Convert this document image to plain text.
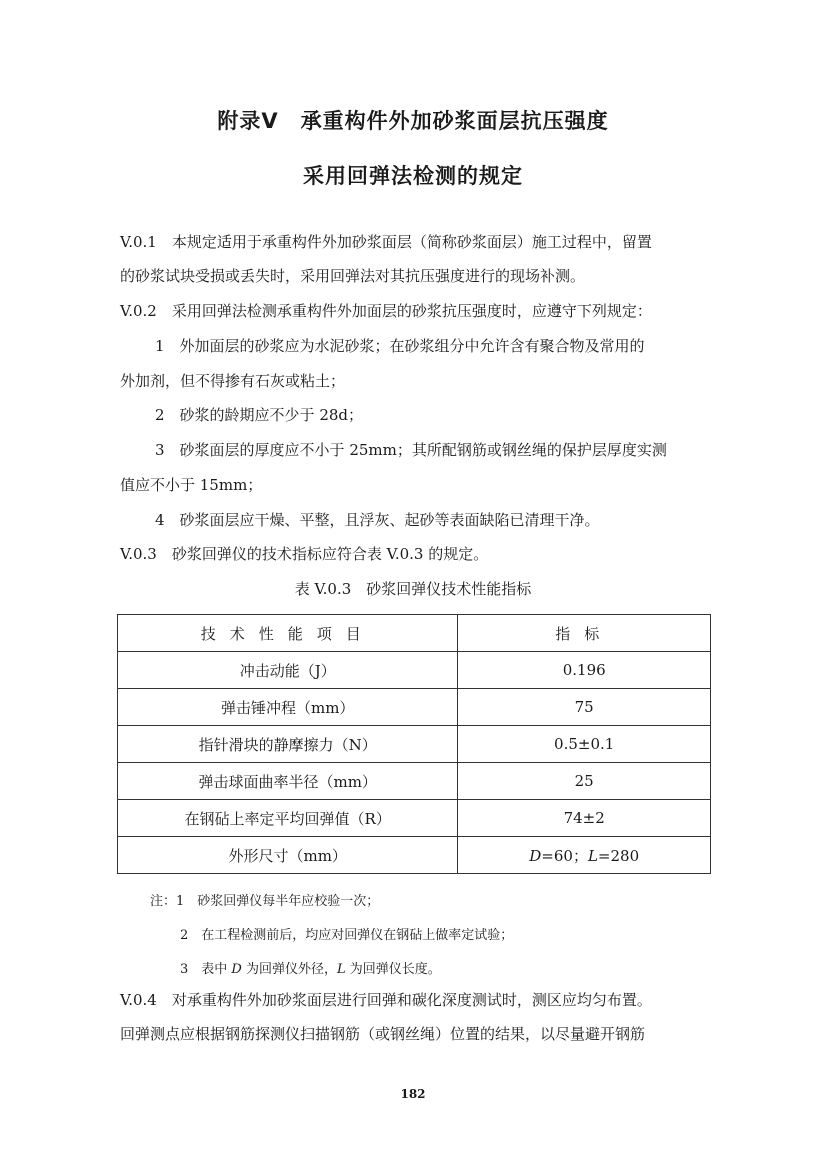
附录V　承重构件外加砂浆面层抗压强度
采用回弹法检测的规定
V.0.1　本规定适用于承重构件外加砂浆面层（简称砂浆面层）施工过程中，留置
的砂浆试块受损或丢失时，采用回弹法对其抗压强度进行的现场补测。
V.0.2　采用回弹法检测承重构件外加面层的砂浆抗压强度时，应遵守下列规定：
1　外加面层的砂浆应为水泥砂浆；在砂浆组分中允许含有聚合物及常用的
外加剂，但不得掺有石灰或粘土；
2　砂浆的龄期应不少于 28d；
3　砂浆面层的厚度应不小于 25mm；其所配钢筋或钢丝绳的保护层厚度实测
值应不小于 15mm；
4　砂浆面层应干燥、平整，且浮灰、起砂等表面缺陷已清理干净。
V.0.3　砂浆回弹仪的技术指标应符合表 V.0.3 的规定。
表 V.0.3　砂浆回弹仪技术性能指标
技术性能项目	指标
冲击动能（J）	0.196
弹击锤冲程（mm）	75
指针滑块的静摩擦力（N）	0.5±0.1
弹击球面曲率半径（mm）	25
在钢砧上率定平均回弹值（R）	74±2
外形尺寸（mm）	D=60；L=280
注：1　砂浆回弹仪每半年应校验一次；
2　在工程检测前后，均应对回弹仪在钢砧上做率定试验；
3　表中 D 为回弹仪外径，L 为回弹仪长度。
V.0.4　对承重构件外加砂浆面层进行回弹和碳化深度测试时，测区应均匀布置。
回弹测点应根据钢筋探测仪扫描钢筋（或钢丝绳）位置的结果，以尽量避开钢筋
182
